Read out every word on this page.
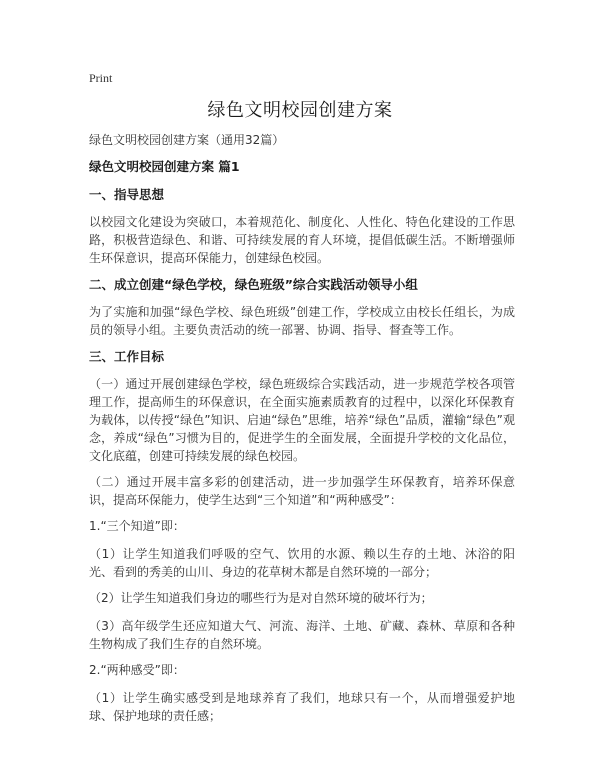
Print
绿色文明校园创建方案

绿色文明校园创建方案（通用32篇）

绿色文明校园创建方案 篇1

一、指导思想

以校园文化建设为突破口，本着规范化、制度化、人性化、特色化建设的工作思路，积极营造绿色、和谐、可持续发展的育人环境，提倡低碳生活。不断增强师生环保意识，提高环保能力，创建绿色校园。

二、成立创建“绿色学校，绿色班级”综合实践活动领导小组

为了实施和加强“绿色学校、绿色班级”创建工作，学校成立由校长任组长，为成员的领导小组。主要负责活动的统一部署、协调、指导、督查等工作。

三、工作目标

（一）通过开展创建绿色学校，绿色班级综合实践活动，进一步规范学校各项管理工作，提高师生的环保意识，在全面实施素质教育的过程中，以深化环保教育为载体，以传授“绿色”知识、启迪“绿色”思维，培养“绿色”品质，灌输“绿色”观念，养成“绿色”习惯为目的，促进学生的全面发展，全面提升学校的文化品位，文化底蕴，创建可持续发展的绿色校园。

（二）通过开展丰富多彩的创建活动，进一步加强学生环保教育，培养环保意识，提高环保能力，使学生达到“三个知道”和“两种感受”：

1.“三个知道”即：

（1）让学生知道我们呼吸的空气、饮用的水源、赖以生存的土地、沐浴的阳光、看到的秀美的山川、身边的花草树木都是自然环境的一部分；

（2）让学生知道我们身边的哪些行为是对自然环境的破坏行为；

（3）高年级学生还应知道大气、河流、海洋、土地、矿藏、森林、草原和各种生物构成了我们生存的自然环境。

2.“两种感受”即：

（1）让学生确实感受到是地球养育了我们，地球只有一个，从而增强爱护地球、保护地球的责任感；
